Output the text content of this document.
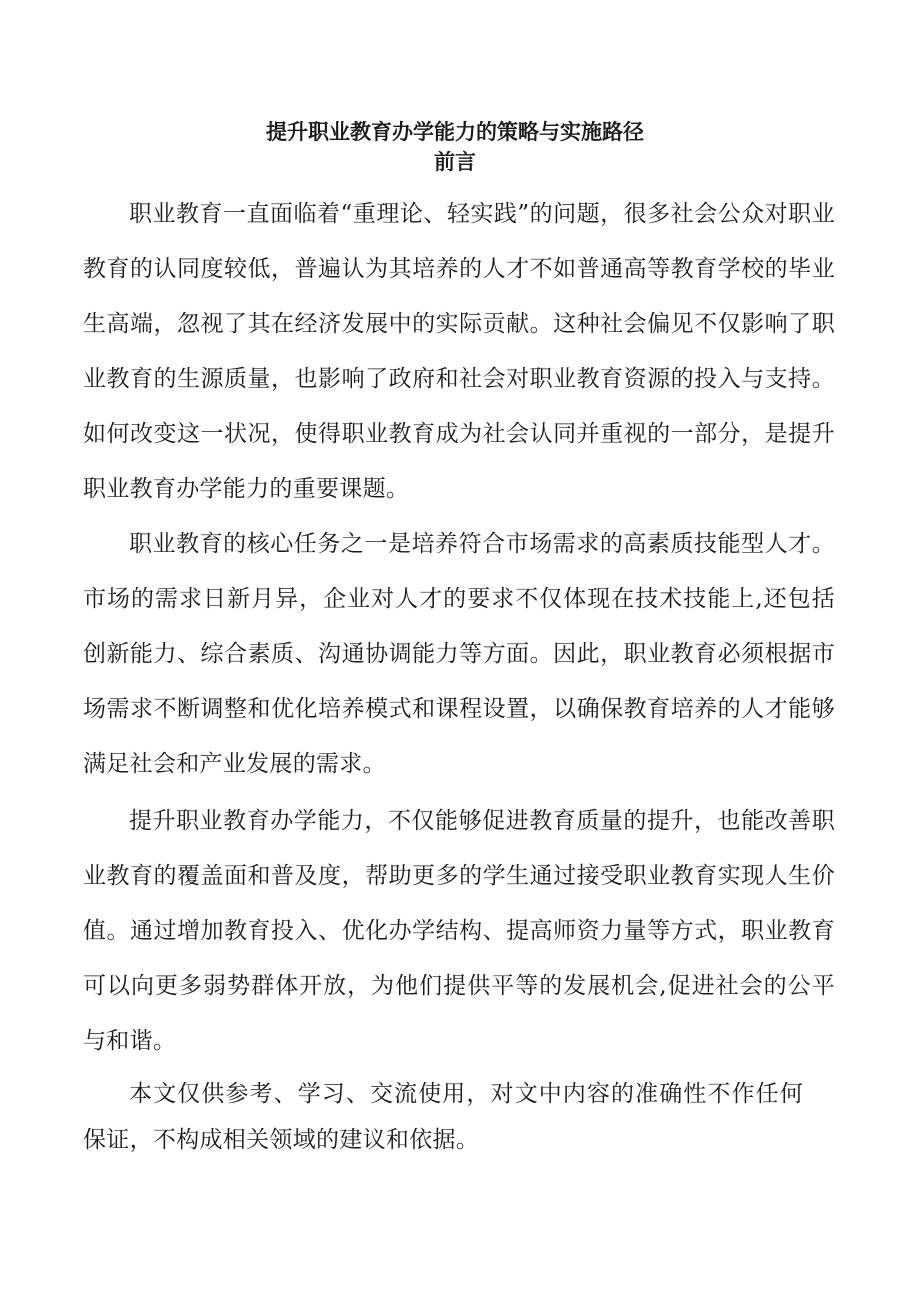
提升职业教育办学能力的策略与实施路径
前言

职业教育一直面临着“重理论、轻实践”的问题，很多社会公众对职业教育的认同度较低，普遍认为其培养的人才不如普通高等教育学校的毕业生高端，忽视了其在经济发展中的实际贡献。这种社会偏见不仅影响了职业教育的生源质量，也影响了政府和社会对职业教育资源的投入与支持。如何改变这一状况，使得职业教育成为社会认同并重视的一部分，是提升职业教育办学能力的重要课题。

职业教育的核心任务之一是培养符合市场需求的高素质技能型人才。市场的需求日新月异，企业对人才的要求不仅体现在技术技能上,还包括创新能力、综合素质、沟通协调能力等方面。因此，职业教育必须根据市场需求不断调整和优化培养模式和课程设置，以确保教育培养的人才能够满足社会和产业发展的需求。

提升职业教育办学能力，不仅能够促进教育质量的提升，也能改善职业教育的覆盖面和普及度，帮助更多的学生通过接受职业教育实现人生价值。通过增加教育投入、优化办学结构、提高师资力量等方式，职业教育可以向更多弱势群体开放，为他们提供平等的发展机会,促进社会的公平与和谐。

本文仅供参考、学习、交流使用，对文中内容的准确性不作任何保证，不构成相关领域的建议和依据。
